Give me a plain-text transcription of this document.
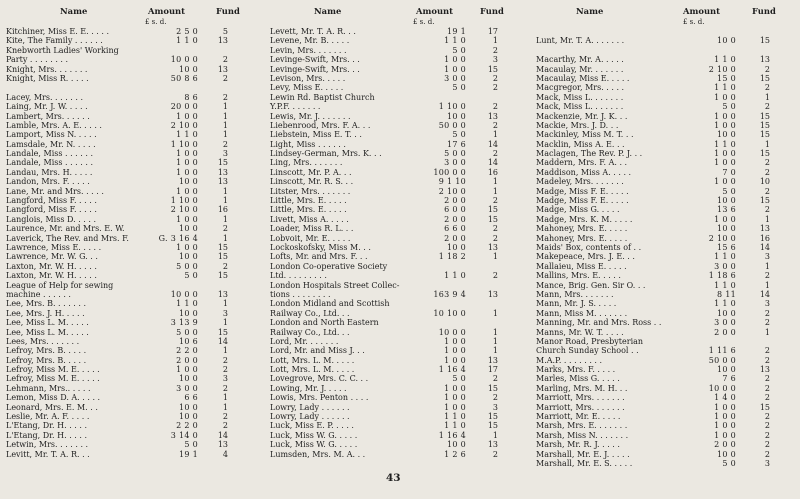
Name	Amount	Fund
£ s. d.
Kitchiner, Miss E. E. . . . .	2 5 0	5
Kite, The Family . . . . . .	1 1 0	13
Knebworth Ladies' Working
Party . . . . . . . .	10 0 0	2
Knight, Mrs. . . . . . .	10 0	13
Knight, Miss R. . . . .	50 8 6	2
Lacey, Mrs. . . . . . .	8 6	2
Laing, Mr. J. W. . . . .	20 0 0	1
Lambert, Mrs. . . . . .	1 0 0	1
Lamble, Mrs. A. E. . . . .	2 10 0	1
Lamport, Miss N. . . . .	1 1 0	1
Lamsdale, Mr. N. . . . .	1 10 0	2
Landale, Miss . . . . . .	1 0 0	3
Landale, Miss . . . . . .	1 0 0	15
Landau, Mrs. H. . . . .	1 0 0	13
Landon, Mrs. F. . . . .	10 0	13
Lane, Mr. and Mrs. . . . .	1 0 0	1
Langford, Miss F. . . . .	1 10 0	1
Langford, Miss F. . . . .	2 10 0	16
Langlois, Miss D. . . . .	1 0 0	1
Laurence, Mr. and Mrs. E. W.	10 0	2
Laverick, The Rev. and Mrs. F.	G. 3 16 4	1
Lawrence, Miss E. . . . .	1 0 0	15
Lawrence, Mr. W. G. . .	10 0	15
Laxton, Mr. W. H. . . . .	5 0 0	2
Laxton, Mr. W. H. . . . .	5 0	15
League of Help for sewing
machine . . . . . .	10 0 0	13
Lee, Mrs. B. . . . . . .	1 1 0	1
Lee, Mrs. J. H. . . . .	10 0	3
Lee, Miss L. M. . . . .	3 13 9	1
Lee, Miss L. M. . . . .	5 0 0	15
Lees, Mrs. . . . . . .	10 6	14
Lefroy, Mrs. B. . . . .	2 2 0	1
Lefroy, Mrs. B. . . . .	2 0 0	2
Lefroy, Miss M. E. . . . .	1 0 0	2
Lefroy, Miss M. E. . . . .	10 0	3
Lehmann, Mrs.. . . . .	3 0 0	2
Lemon, Miss D. A. . . . .	6 6	1
Leonard, Mrs. E. M. . .	10 0	1
Leslie, Mr. A. F. . . . .	10 0	2
L'Etang, Dr. H. . . . .	2 2 0	2
L'Etang, Dr. H. . . . .	3 14 0	14
Letwin, Mrs. . . . . . .	5 0	13
Levitt, Mr. T. A. R. . .	19 1	4
Name	Amount	Fund
£ s. d.
Levett, Mr. T. A. R. . .	19 1	17
Levene, Mr. B. . . . .	1 1 0	1
Levin, Mrs. . . . . . .	5 0	2
Levinge-Swift, Mrs. . .	1 0 0	3
Levinge-Swift, Mrs. . .	1 0 0	15
Levison, Mrs. . . . .	3 0 0	2
Levy, Miss E. . . . .	5 0	2
Lewin Rd. Baptist Church
Y.P.F. . . . . . .	1 10 0	2
Lewis, Mr. J. . . . . . .	10 0	13
Liebenrood, Mrs. F. A. . .	50 0 0	2
Liebstein, Miss E. T. . .	5 0	1
Light, Miss . . . . . .	17 6	14
Lindsey-German, Mrs. K. . .	5 0 0	2
Ling, Mrs. . . . . . .	3 0 0	14
Linscott, Mr. P. A. . .	100 0 0	16
Linscott, Mr. R. S. . .	9 1 10	1
Litster, Mrs. . . . . . .	2 10 0	1
Little, Mrs. E. . . . .	2 0 0	2
Little, Mrs. E. . . . .	6 0 0	15
Livett, Miss A. . . . .	2 0 0	15
Loader, Miss R. L. . .	6 6 0	2
Lobvoit, Mr. E. . . . .	2 0 0	2
Lockoskofsky, Miss M. . .	10 0	13
Lofts, Mr. and Mrs. F. . .	1 18 2	1
London Co-operative Society
Ltd. . . . . . . . .	1 1 0	2
London Hospitals Street Collec-
tions . . . . . . . .	163 9 4	13
London Midland and Scottish
Railway Co., Ltd. . .	10 10 0	1
London and North Eastern
Railway Co., Ltd. . .	10 0 0	1
Lord, Mr. . . . . . .	1 0 0	1
Lord, Mr. and Miss J. . .	1 0 0	1
Lott, Mrs. L. M. . . . .	1 0 0	13
Lott, Mrs. L. M. . . . .	1 16 4	17
Lovegrove, Mrs. C. C. . .	5 0	2
Lowing, Mr. J. . . . .	1 0 0	15
Lowis, Mrs. Penton . . . .	1 0 0	2
Lowry, Lady . . . . . .	1 0 0	3
Lowry, Lady . . . . . .	1 1 0	15
Luck, Miss E. P. . . . .	1 1 0	15
Luck, Miss W. G. . . . .	1 16 4	1
Luck, Miss W. G. . . . .	10 0	13
Lumsden, Mrs. M. A. . .	1 2 6	2
Name	Amount	Fund
£ s. d.
Lunt, Mr. T. A. . . . . . .	10 0	15
Macarthy, Mr. A. . . . .	1 1 0	13
Macaulay, Mr. . . . . . .	2 10 0	2
Macaulay, Miss E. . . . .	15 0	15
Macgregor, Mrs. . . . .	1 1 0	2
Mack, Miss L. . . . . . .	1 0 0	1
Mack, Miss L. . . . . . .	5 0	2
Mackenzie, Mr. J. K. . .	1 0 0	15
Mackie, Mrs. J. D. . .	1 0 0	15
Mackinley, Miss M. T. . .	10 0	15
Macklin, Miss A. E. . .	1 1 0	1
Maclagen, The Rev. P. J. . .	1 0 0	15
Maddern, Mrs. F. A. . .	1 0 0	2
Maddison, Miss A. . . . .	7 0	2
Madeley, Mrs. . . . . . .	1 0 0	10
Madge, Miss F. E. . . . .	5 0	2
Madge, Miss F. E. . . . .	10 0	15
Madge, Miss G. . . . .	13 6	2
Madge, Mrs. K. M. . . . .	1 0 0	1
Mahoney, Mrs. E. . . . .	10 0	13
Mahoney, Mrs. E. . . . .	2 10 0	16
Maids' Box, contents of . .	15 6	14
Makepeace, Mrs. J. E. . .	1 1 0	3
Mallaieu, Miss E. . . . .	3 0 0	1
Mallins, Mrs. E. . . . .	1 18 6	2
Mance, Brig. Gen. Sir O. . .	1 1 0	1
Mann, Mrs. . . . . . .	8 11	14
Mann, Mr. J. S. . . . .	1 1 0	3
Mann, Miss M. . . . . . .	10 0	2
Manning, Mr. and Mrs. Ross . .	3 0 0	2
Manns, Mr. W. T. . . . .	2 0 0	1
Manor Road, Presbyterian
Church Sunday School . .	1 11 6	2
M.A.P. . . . . . . . .	50 0 0	2
Marks, Mrs. F. . . . .	10 0	13
Marles, Miss G. . . . .	7 6	2
Marling, Mrs. M. H. . .	10 0 0	2
Marriott, Mrs. . . . . . .	1 4 0	2
Marriott, Mrs. . . . . . .	1 0 0	15
Marriott, Mr. E. . . . .	1 0 0	2
Marsh, Mrs. E. . . . . . .	1 0 0	2
Marsh, Miss N. . . . . . .	1 0 0	2
Marsh, Mr. R. J. . . . .	2 0 0	2
Marshall, Mr. E. J. . . . .	10 0	2
Marshall, Mr. E. S. . . . .	5 0	3
43
